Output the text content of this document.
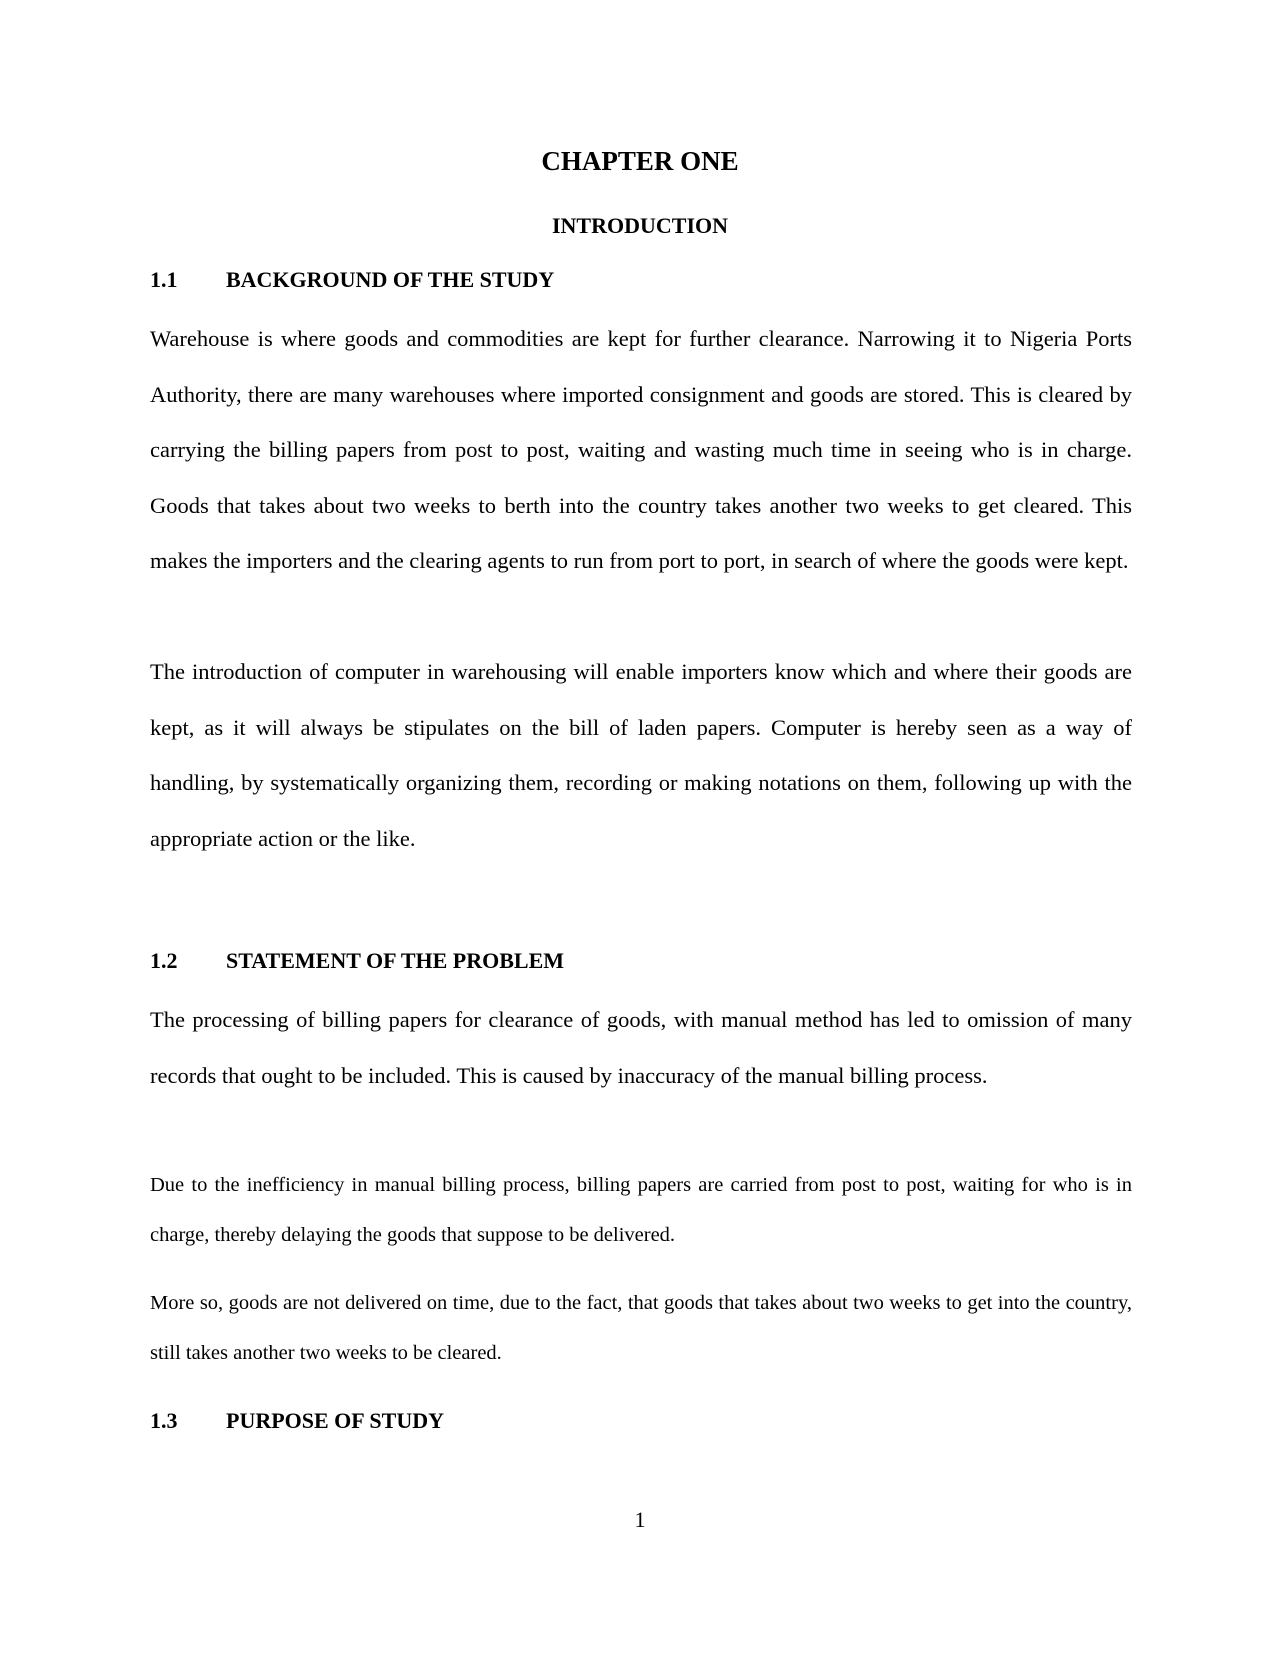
CHAPTER ONE
INTRODUCTION
1.1 BACKGROUND OF THE STUDY

Warehouse is where goods and commodities are kept for further clearance. Narrowing it to Nigeria Ports Authority, there are many warehouses where imported consignment and goods are stored. This is cleared by carrying the billing papers from post to post, waiting and wasting much time in seeing who is in charge. Goods that takes about two weeks to berth into the country takes another two weeks to get cleared. This makes the importers and the clearing agents to run from port to port, in search of where the goods were kept.

The introduction of computer in warehousing will enable importers know which and where their goods are kept, as it will always be stipulates on the bill of laden papers. Computer is hereby seen as a way of handling, by systematically organizing them, recording or making notations on them, following up with the appropriate action or the like.

1.2 STATEMENT OF THE PROBLEM

The processing of billing papers for clearance of goods, with manual method has led to omission of many records that ought to be included. This is caused by inaccuracy of the manual billing process.

Due to the inefficiency in manual billing process, billing papers are carried from post to post, waiting for who is in charge, thereby delaying the goods that suppose to be delivered.

More so, goods are not delivered on time, due to the fact, that goods that takes about two weeks to get into the country, still takes another two weeks to be cleared.

1.3 PURPOSE OF STUDY
1
